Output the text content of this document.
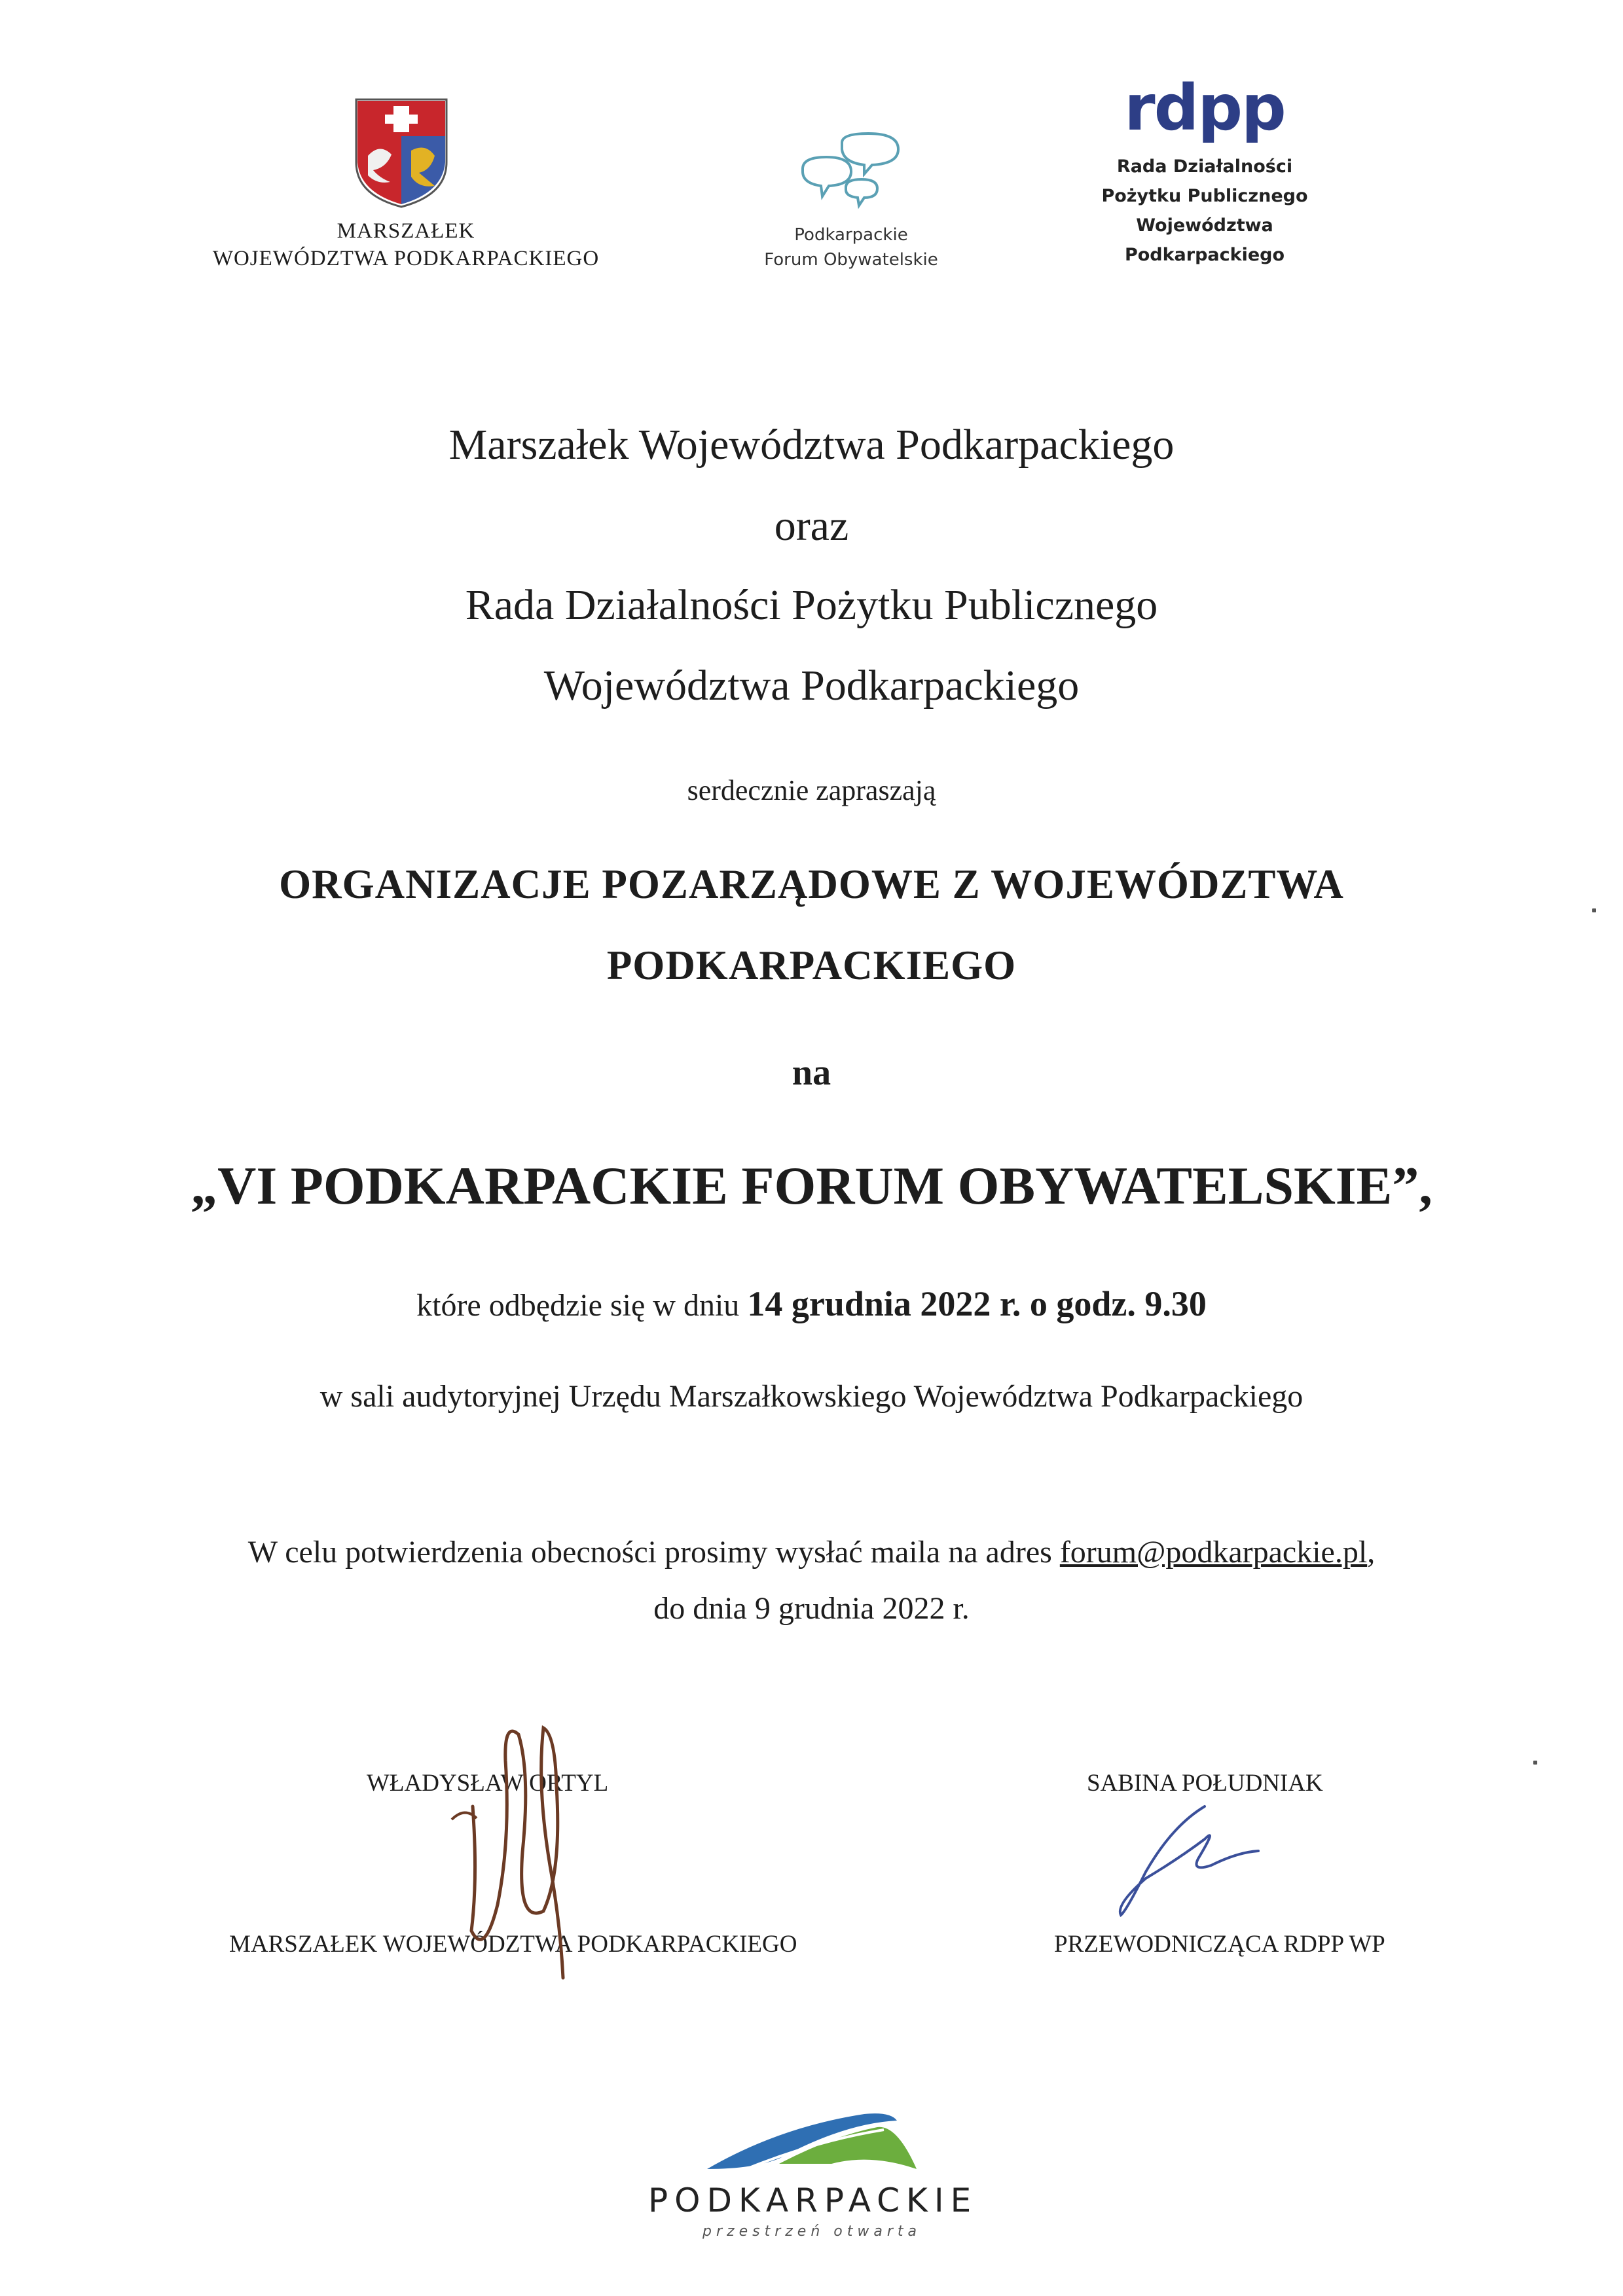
MARSZAŁEK
WOJEWÓDZTWA PODKARPACKIEGO
Podkarpackie
Forum Obywatelskie
rdpp
Rada Działalności
Pożytku Publicznego
Województwa
Podkarpackiego
Marszałek Województwa Podkarpackiego
oraz
Rada Działalności Pożytku Publicznego
Województwa Podkarpackiego
serdecznie zapraszają
ORGANIZACJE POZARZĄDOWE Z WOJEWÓDZTWA
PODKARPACKIEGO
na
„VI PODKARPACKIE FORUM OBYWATELSKIE”,
które odbędzie się w dniu 14 grudnia 2022 r. o godz. 9.30
w sali audytoryjnej Urzędu Marszałkowskiego Województwa Podkarpackiego
W celu potwierdzenia obecności prosimy wysłać maila na adres forum@podkarpackie.pl,
do dnia 9 grudnia 2022 r.
WŁADYSŁAW ORTYL
MARSZAŁEK WOJEWÓDZTWA PODKARPACKIEGO
SABINA POŁUDNIAK
PRZEWODNICZĄCA RDPP WP
PODKARPACKIE
przestrzeń otwarta
